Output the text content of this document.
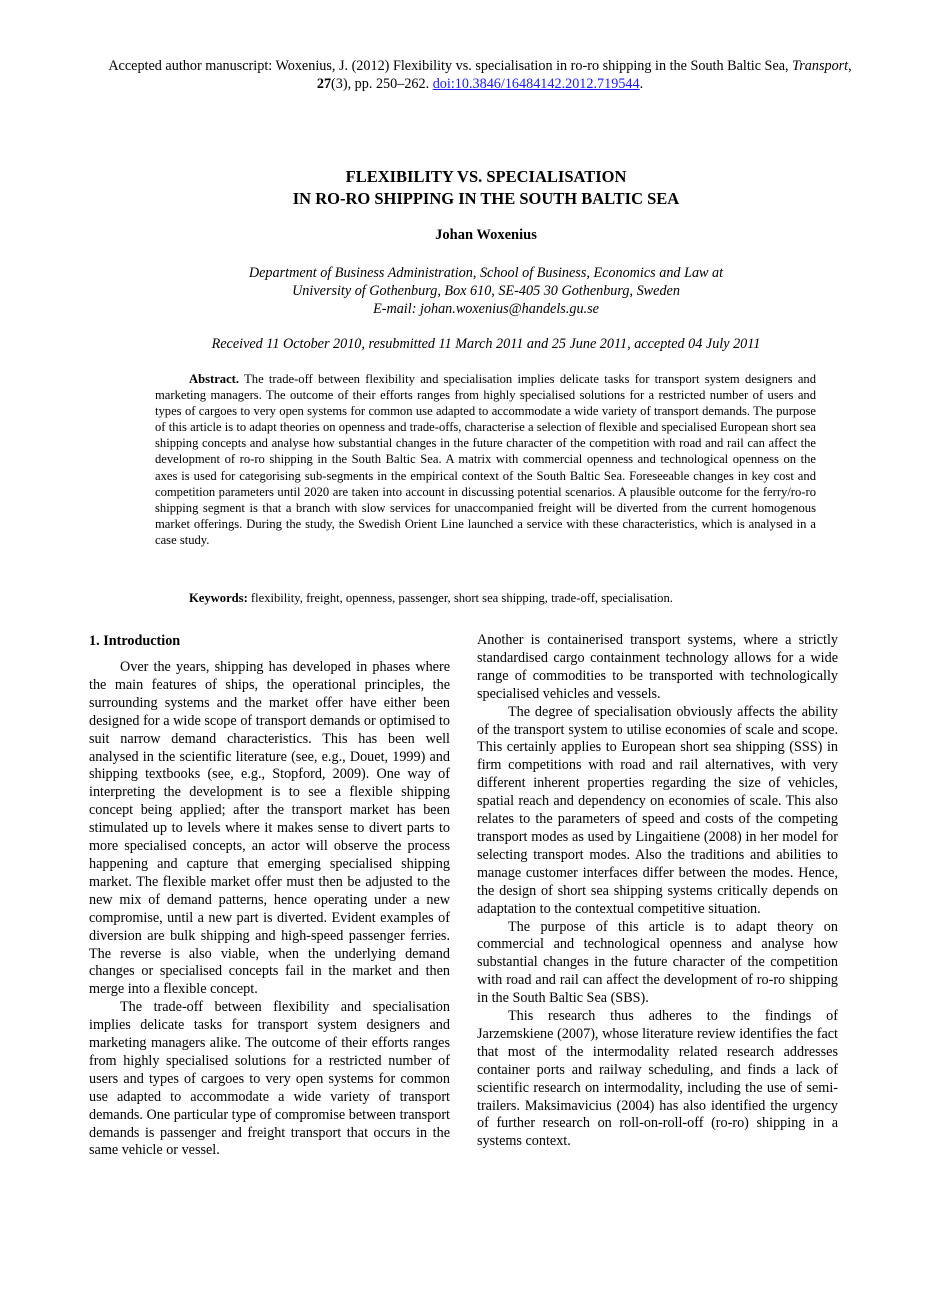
Accepted author manuscript: Woxenius, J. (2012) Flexibility vs. specialisation in ro-ro shipping in the South Baltic Sea, Transport, 27(3), pp. 250–262. doi:10.3846/16484142.2012.719544.
FLEXIBILITY VS. SPECIALISATION
IN RO-RO SHIPPING IN THE SOUTH BALTIC SEA
Johan Woxenius
Department of Business Administration, School of Business, Economics and Law at
University of Gothenburg, Box 610, SE-405 30 Gothenburg, Sweden
E-mail: johan.woxenius@handels.gu.se
Received 11 October 2010, resubmitted 11 March 2011 and 25 June 2011, accepted 04 July 2011

Abstract. The trade-off between flexibility and specialisation implies delicate tasks for transport system designers and marketing managers. The outcome of their efforts ranges from highly specialised solutions for a restricted number of users and types of cargoes to very open systems for common use adapted to accommodate a wide variety of transport demands. The purpose of this article is to adapt theories on openness and trade-offs, characterise a selection of flexible and specialised European short sea shipping concepts and analyse how substantial changes in the future character of the competition with road and rail can affect the development of ro-ro shipping in the South Baltic Sea. A matrix with commercial openness and technological openness on the axes is used for categorising sub-segments in the empirical context of the South Baltic Sea. Foreseeable changes in key cost and competition parameters until 2020 are taken into account in discussing potential scenarios. A plausible outcome for the ferry/ro-ro shipping segment is that a branch with slow services for unaccompanied freight will be diverted from the current homogenous market offerings. During the study, the Swedish Orient Line launched a service with these characteristics, which is analysed in a case study.

Keywords: flexibility, freight, openness, passenger, short sea shipping, trade-off, specialisation.

1. Introduction

Over the years, shipping has developed in phases where the main features of ships, the operational principles, the surrounding systems and the market offer have either been designed for a wide scope of transport demands or optimised to suit narrow demand characteristics. This has been well analysed in the scientific literature (see, e.g., Douet, 1999) and shipping textbooks (see, e.g., Stopford, 2009). One way of interpreting the development is to see a flexible shipping concept being applied; after the transport market has been stimulated up to levels where it makes sense to divert parts to more specialised concepts, an actor will observe the process happening and capture that emerging specialised shipping market. The flexible market offer must then be adjusted to the new mix of demand patterns, hence operating under a new compromise, until a new part is diverted. Evident examples of diversion are bulk shipping and high-speed passenger ferries. The reverse is also viable, when the underlying demand changes or specialised concepts fail in the market and then merge into a flexible concept.

The trade-off between flexibility and specialisation implies delicate tasks for transport system designers and marketing managers alike. The outcome of their efforts ranges from highly specialised solutions for a restricted number of users and types of cargoes to very open systems for common use adapted to accommodate a wide variety of transport demands. One particular type of compromise between transport demands is passenger and freight transport that occurs in the same vehicle or vessel.

Another is containerised transport systems, where a strictly standardised cargo containment technology allows for a wide range of commodities to be transported with technologically specialised vehicles and vessels.

The degree of specialisation obviously affects the ability of the transport system to utilise economies of scale and scope. This certainly applies to European short sea shipping (SSS) in firm competitions with road and rail alternatives, with very different inherent properties regarding the size of vehicles, spatial reach and dependency on economies of scale. This also relates to the parameters of speed and costs of the competing transport modes as used by Lingaitiene (2008) in her model for selecting transport modes. Also the traditions and abilities to manage customer interfaces differ between the modes. Hence, the design of short sea shipping systems critically depends on adaptation to the contextual competitive situation.

The purpose of this article is to adapt theory on commercial and technological openness and analyse how substantial changes in the future character of the competition with road and rail can affect the development of ro-ro shipping in the South Baltic Sea (SBS).

This research thus adheres to the findings of Jarzemskiene (2007), whose literature review identifies the fact that most of the intermodality related research addresses container ports and railway scheduling, and finds a lack of scientific research on intermodality, including the use of semi-trailers. Maksimavicius (2004) has also identified the urgency of further research on roll-on-roll-off (ro-ro) shipping in a systems context.
